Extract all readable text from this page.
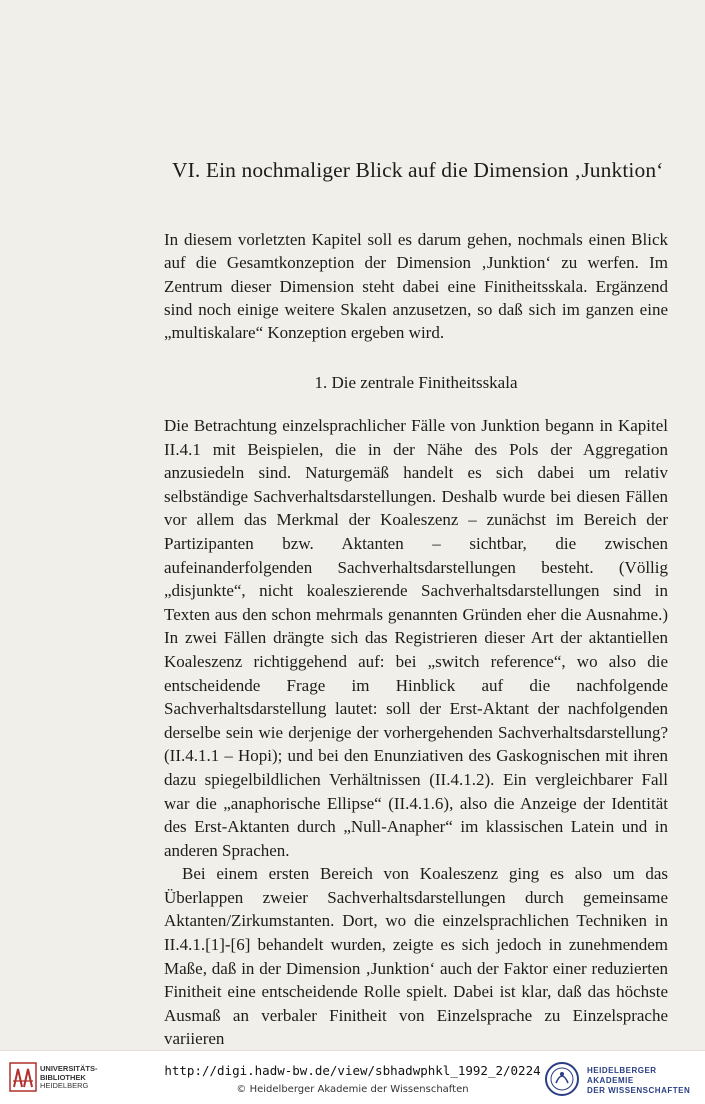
VI. Ein nochmaliger Blick auf die Dimension ‚Junktion‘
In diesem vorletzten Kapitel soll es darum gehen, nochmals einen Blick auf die Gesamtkonzeption der Dimension ‚Junktion‘ zu werfen. Im Zentrum dieser Dimension steht dabei eine Finitheitsskala. Ergänzend sind noch einige weitere Skalen anzusetzen, so daß sich im ganzen eine „multiskalare“ Konzeption ergeben wird.
1. Die zentrale Finitheitsskala

Die Betrachtung einzelsprachlicher Fälle von Junktion begann in Kapitel II.4.1 mit Beispielen, die in der Nähe des Pols der Aggregation anzusiedeln sind. Naturgemäß handelt es sich dabei um relativ selbständige Sachverhaltsdarstellungen. Deshalb wurde bei diesen Fällen vor allem das Merkmal der Koaleszenz – zunächst im Bereich der Partizipanten bzw. Aktanten – sichtbar, die zwischen aufeinanderfolgenden Sachverhaltsdarstellungen besteht. (Völlig „disjunkte“, nicht koaleszierende Sachverhaltsdarstellungen sind in Texten aus den schon mehrmals genannten Gründen eher die Ausnahme.) In zwei Fällen drängte sich das Registrieren dieser Art der aktantiellen Koaleszenz richtiggehend auf: bei „switch reference“, wo also die entscheidende Frage im Hinblick auf die nachfolgende Sachverhaltsdarstellung lautet: soll der Erst-Aktant der nachfolgenden derselbe sein wie derjenige der vorhergehenden Sachverhaltsdarstellung? (II.4.1.1 – Hopi); und bei den Enunziativen des Gaskognischen mit ihren dazu spiegelbildlichen Verhältnissen (II.4.1.2). Ein vergleichbarer Fall war die „anaphorische Ellipse“ (II.4.1.6), also die Anzeige der Identität des Erst-Aktanten durch „Null-Anapher“ im klassischen Latein und in anderen Sprachen.

Bei einem ersten Bereich von Koaleszenz ging es also um das Überlappen zweier Sachverhaltsdarstellungen durch gemeinsame Aktanten/Zirkumstanten. Dort, wo die einzelsprachlichen Techniken in II.4.1.[1]-[6] behandelt wurden, zeigte es sich jedoch in zunehmendem Maße, daß in der Dimension ‚Junktion‘ auch der Faktor einer reduzierten Finitheit eine entscheidende Rolle spielt. Dabei ist klar, daß das höchste Ausmaß an verbaler Finitheit von Einzelsprache zu Einzelsprache variieren

UNIVERSITÄTS-
BIBLIOTHEK
HEIDELBERG
http://digi.hadw-bw.de/view/sbhadwphkl_1992_2/0224
© Heidelberger Akademie der Wissenschaften
HEIDELBERGER AKADEMIE
DER WISSENSCHAFTEN
